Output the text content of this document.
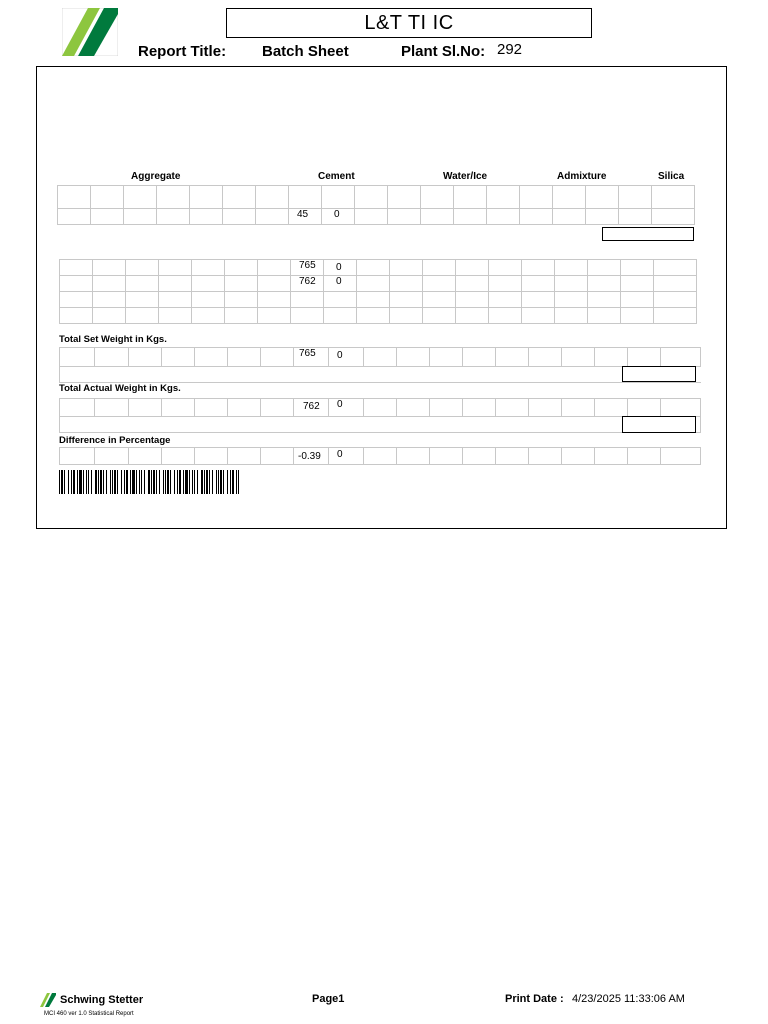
L&T TI IC
Report Title: Batch Sheet	Plant Sl.No: 292
Aggregate	Cement	Water/Ice	Admixture	Silica

							45	0										
							765	0										
							762	0										

Total Set Weight in Kgs.
							765	0										

Total Actual Weight in Kgs.
							762	0										

Difference in Percentage
							-0.39	0										
Schwing Stetter
MCI 460 ver 1.0 Statistical Report
Page1	Print Date : 4/23/2025 11:33:06 AM
